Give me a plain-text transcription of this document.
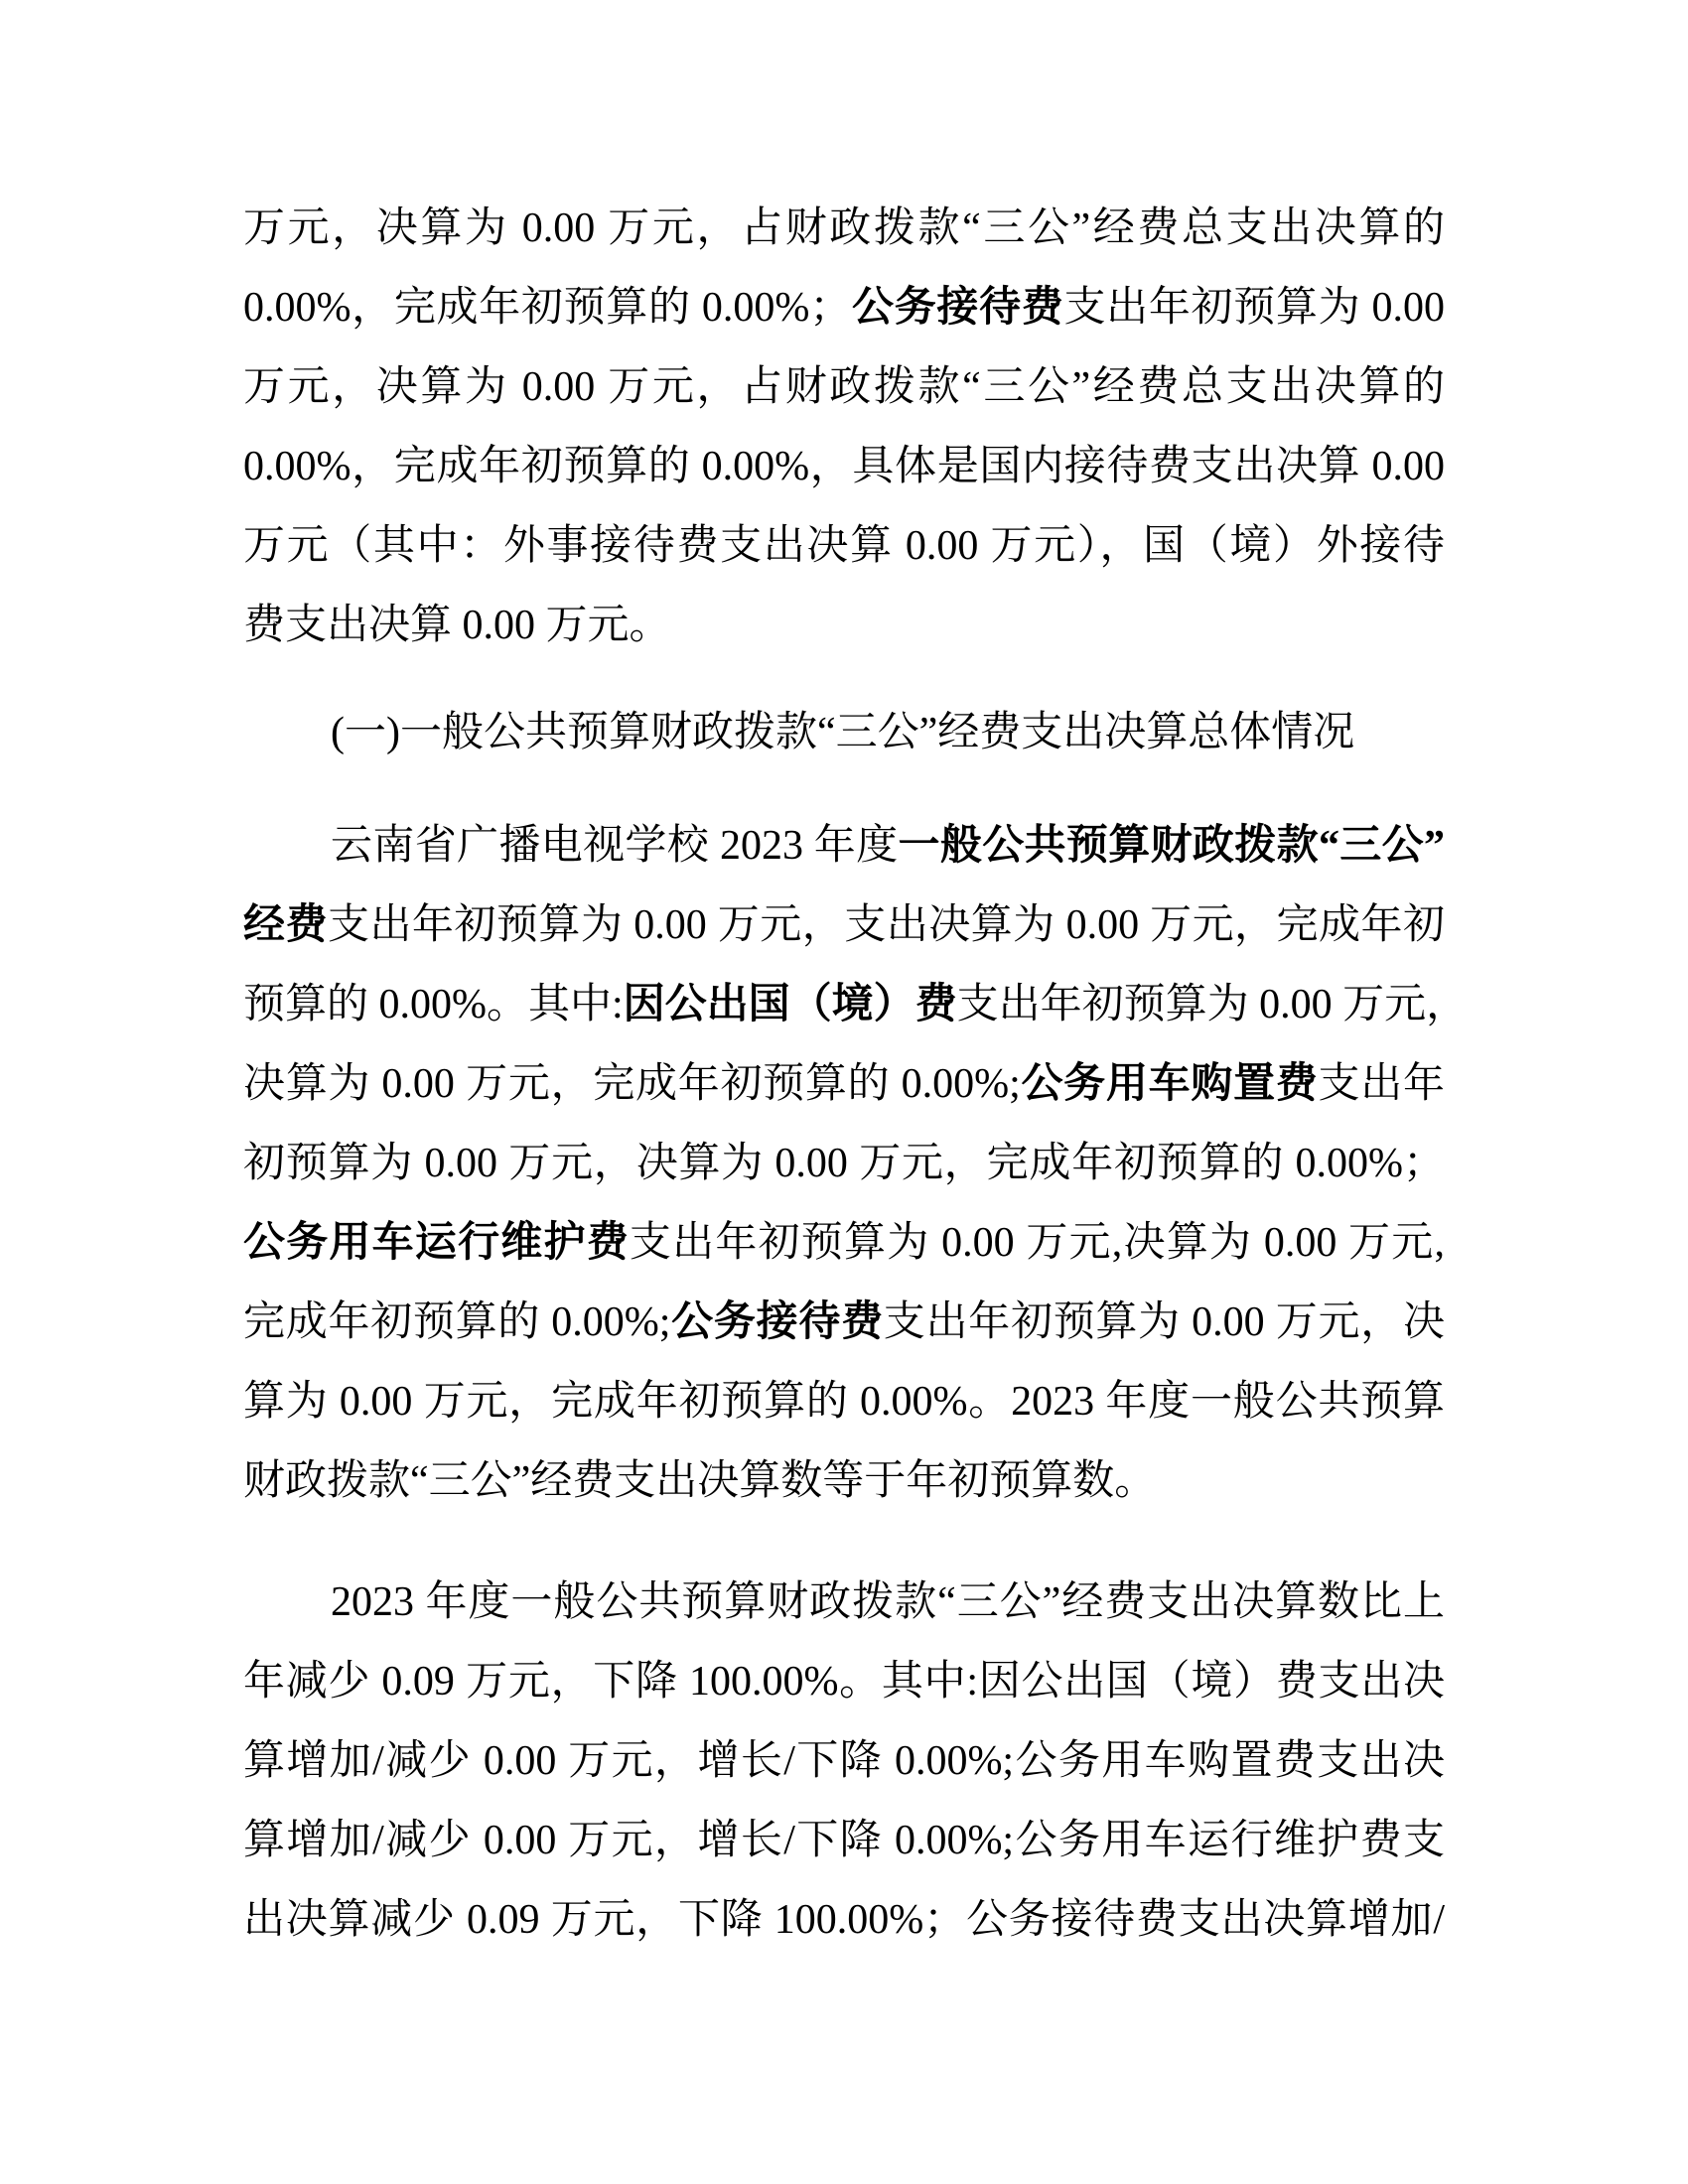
万元，决算为 0.00 万元，占财政拨款“三公”经费总支出决算的
0.00%，完成年初预算的 0.00%；公务接待费支出年初预算为 0.00
万元，决算为 0.00 万元，占财政拨款“三公”经费总支出决算的
0.00%，完成年初预算的 0.00%，具体是国内接待费支出决算 0.00
万元（其中：外事接待费支出决算 0.00 万元），国（境）外接待
费支出决算 0.00 万元。
(一)一般公共预算财政拨款“三公”经费支出决算总体情况
云南省广播电视学校 2023 年度一般公共预算财政拨款“三公”
经费支出年初预算为 0.00 万元，支出决算为 0.00 万元，完成年初
预算的 0.00%。其中:因公出国（境）费支出年初预算为 0.00 万元，
决算为 0.00 万元，完成年初预算的 0.00%;公务用车购置费支出年
初预算为 0.00 万元，决算为 0.00 万元，完成年初预算的 0.00%；
公务用车运行维护费支出年初预算为 0.00 万元,决算为 0.00 万元,
完成年初预算的 0.00%;公务接待费支出年初预算为 0.00 万元，决
算为 0.00 万元，完成年初预算的 0.00%。2023 年度一般公共预算
财政拨款“三公”经费支出决算数等于年初预算数。
2023 年度一般公共预算财政拨款“三公”经费支出决算数比上
年减少 0.09 万元，下降 100.00%。其中:因公出国（境）费支出决
算增加/减少 0.00 万元，增长/下降 0.00%;公务用车购置费支出决
算增加/减少 0.00 万元，增长/下降 0.00%;公务用车运行维护费支
出决算减少 0.09 万元，下降 100.00%；公务接待费支出决算增加/
